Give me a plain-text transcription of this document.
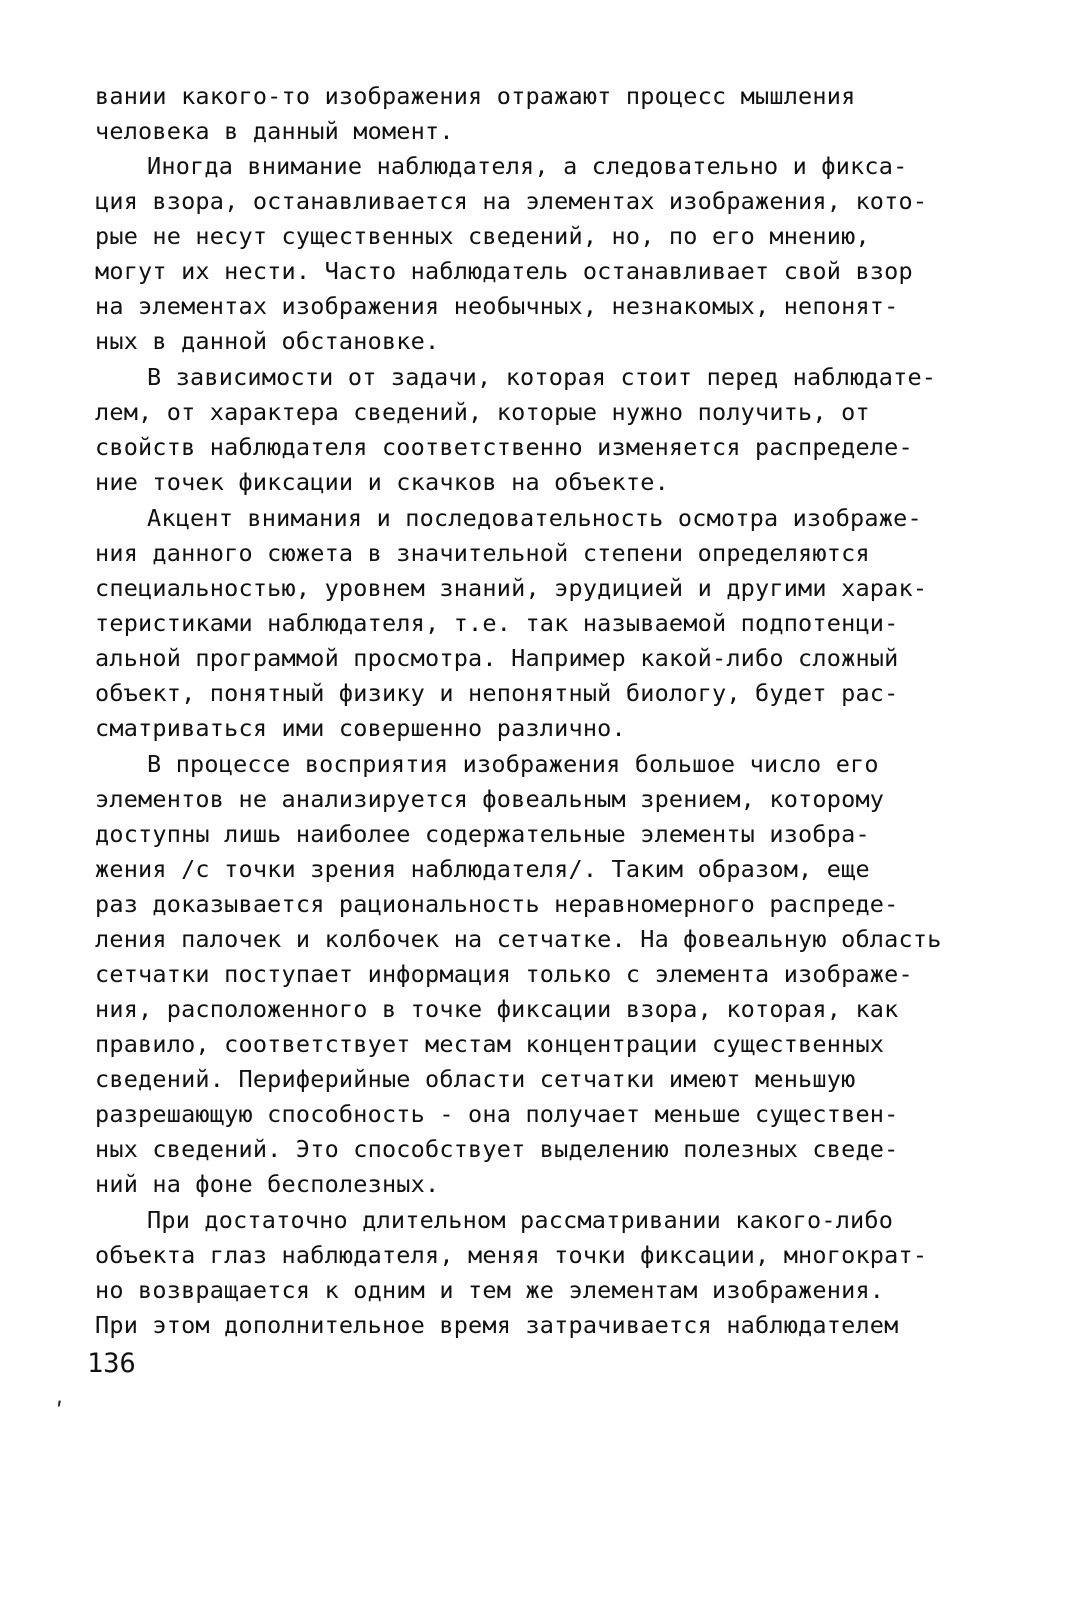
вании какого-то изображения отражают процесс мышления
человека в данный момент.
Иногда внимание наблюдателя, а следовательно и фикса-
ция взора, останавливается на элементах изображения, кото-
рые не несут существенных сведений, но, по его мнению,
могут их нести. Часто наблюдатель останавливает свой взор
на элементах изображения необычных, незнакомых, непонят-
ных в данной обстановке.
В зависимости от задачи, которая стоит перед наблюдате-
лем, от характера сведений, которые нужно получить, от
свойств наблюдателя соответственно изменяется распределе-
ние точек фиксации и скачков на объекте.
Акцент внимания и последовательность осмотра изображе-
ния данного сюжета в значительной степени определяются
специальностью, уровнем знаний, эрудицией и другими харак-
теристиками наблюдателя, т.е. так называемой подпотенци-
альной программой просмотра. Например какой-либо сложный
объект, понятный физику и непонятный биологу, будет рас-
сматриваться ими совершенно различно.
В процессе восприятия изображения большое число его
элементов не анализируется фовеальным зрением, которому
доступны лишь наиболее содержательные элементы изобра-
жения /с точки зрения наблюдателя/. Таким образом, еще
раз доказывается рациональность неравномерного распреде-
ления палочек и колбочек на сетчатке. На фовеальную область
сетчатки поступает информация только с элемента изображе-
ния, расположенного в точке фиксации взора, которая, как
правило, соответствует местам концентрации существенных
сведений. Периферийные области сетчатки имеют меньшую
разрешающую способность - она получает меньше существен-
ных сведений. Это способствует выделению полезных сведе-
ний на фоне бесполезных.
При достаточно длительном рассматривании какого-либо
объекта глаз наблюдателя, меняя точки фиксации, многократ-
но возвращается к одним и тем же элементам изображения.
При этом дополнительное время затрачивается наблюдателем
136
ʹ
